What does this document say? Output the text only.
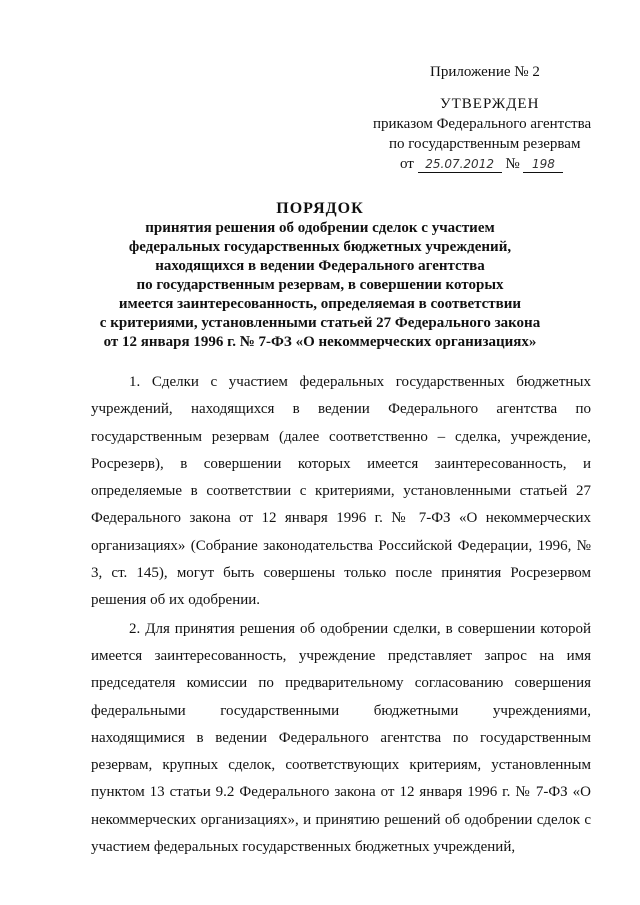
Приложение № 2
УТВЕРЖДЕН
приказом Федерального агентства
по государственным резервам
от 25.07.2012 № 198
ПОРЯДОК
принятия решения об одобрении сделок с участием
федеральных государственных бюджетных учреждений,
находящихся в ведении Федерального агентства
по государственным резервам, в совершении которых
имеется заинтересованность, определяемая в соответствии
с критериями, установленными статьей 27 Федерального закона
от 12 января 1996 г. № 7-ФЗ «О некоммерческих организациях»

1. Сделки с участием федеральных государственных бюджетных учреждений, находящихся в ведении Федерального агентства по государственным резервам (далее соответственно – сделка, учреждение, Росрезерв), в совершении которых имеется заинтересованность, и определяемые в соответствии с критериями, установленными статьей 27 Федерального закона от 12 января 1996 г. № 7-ФЗ «О некоммерческих организациях» (Собрание законодательства Российской Федерации, 1996, № 3, ст. 145), могут быть совершены только после принятия Росрезервом решения об их одобрении.

2. Для принятия решения об одобрении сделки, в совершении которой имеется заинтересованность, учреждение представляет запрос на имя председателя комиссии по предварительному согласованию совершения федеральными государственными бюджетными учреждениями, находящимися в ведении Федерального агентства по государственным резервам, крупных сделок, соответствующих критериям, установленным пунктом 13 статьи 9.2 Федерального закона от 12 января 1996 г. № 7-ФЗ «О некоммерческих организациях», и принятию решений об одобрении сделок с участием федеральных государственных бюджетных учреждений,
